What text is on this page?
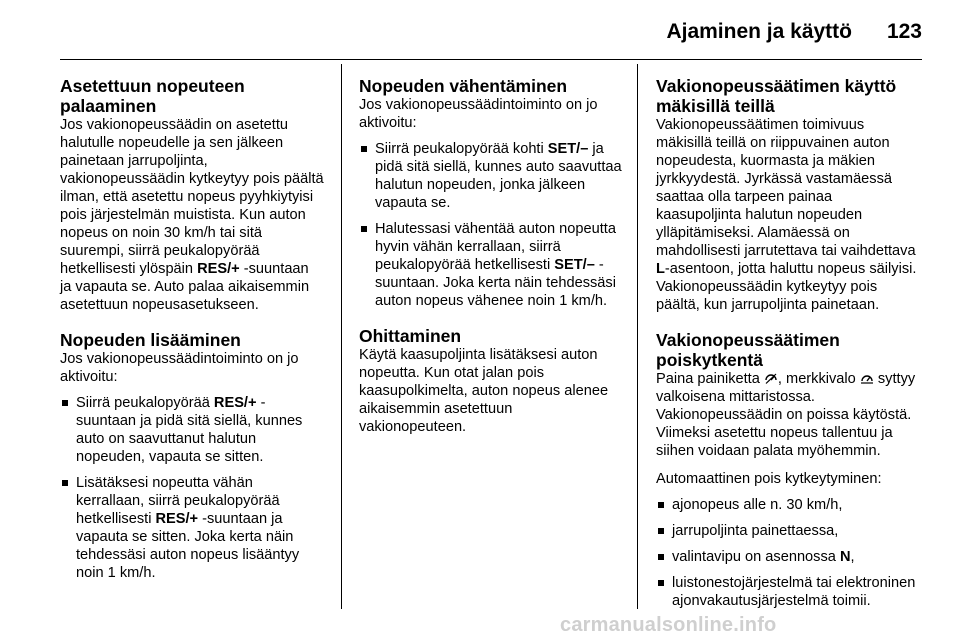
Ajaminen ja käyttö 123
Asetettuun nopeuteen palaaminen

Jos vakionopeussäädin on asetettu halutulle nopeudelle ja sen jälkeen painetaan jarrupoljinta, vakionopeussäädin kytkeytyy pois päältä ilman, että asetettu nopeus pyyhkiytyisi pois järjestelmän muistista. Kun auton nopeus on noin 30 km/h tai sitä suurempi, siirrä peukalopyörää hetkellisesti ylöspäin RES/+ -suuntaan ja vapauta se. Auto palaa aikaisemmin asetettuun nopeusasetukseen.

Nopeuden lisääminen

Jos vakionopeussäädintoiminto on jo aktivoitu:

Siirrä peukalopyörää RES/+ -suuntaan ja pidä sitä siellä, kunnes auto on saavuttanut halutun nopeuden, vapauta se sitten.
Lisätäksesi nopeutta vähän kerrallaan, siirrä peukalopyörää hetkellisesti RES/+ -suuntaan ja vapauta se sitten. Joka kerta näin tehdessäsi auton nopeus lisääntyy noin 1 km/h.
Nopeuden vähentäminen

Jos vakionopeussäädintoiminto on jo aktivoitu:

Siirrä peukalopyörää kohti SET/– ja pidä sitä siellä, kunnes auto saavuttaa halutun nopeuden, jonka jälkeen vapauta se.
Halutessasi vähentää auton nopeutta hyvin vähän kerrallaan, siirrä peukalopyörää hetkellisesti SET/– -suuntaan. Joka kerta näin tehdessäsi auton nopeus vähenee noin 1 km/h.
Ohittaminen

Käytä kaasupoljinta lisätäksesi auton nopeutta. Kun otat jalan pois kaasupolkimelta, auton nopeus alenee aikaisemmin asetettuun vakionopeuteen.

Vakionopeussäätimen käyttö mäkisillä teillä

Vakionopeussäätimen toimivuus mäkisillä teillä on riippuvainen auton nopeudesta, kuormasta ja mäkien jyrkkyydestä. Jyrkässä vastamäessä saattaa olla tarpeen painaa kaasupoljinta halutun nopeuden ylläpitämiseksi. Alamäessä on mahdollisesti jarrutettava tai vaihdettava L-asentoon, jotta haluttu nopeus säilyisi. Vakionopeussäädin kytkeytyy pois päältä, kun jarrupoljinta painetaan.

Vakionopeussäätimen poiskytkentä

Paina painiketta , merkkivalo  syttyy valkoisena mittaristossa. Vakionopeussäädin on poissa käytöstä. Viimeksi asetettu nopeus tallentuu ja siihen voidaan palata myöhemmin.

Automaattinen pois kytkeytyminen:

ajonopeus alle n. 30 km/h,
jarrupoljinta painettaessa,
valintavipu on asennossa N,
luistonestojärjestelmä tai elektroninen ajonvakautusjärjestelmä toimii.
carmanualsonline.info
